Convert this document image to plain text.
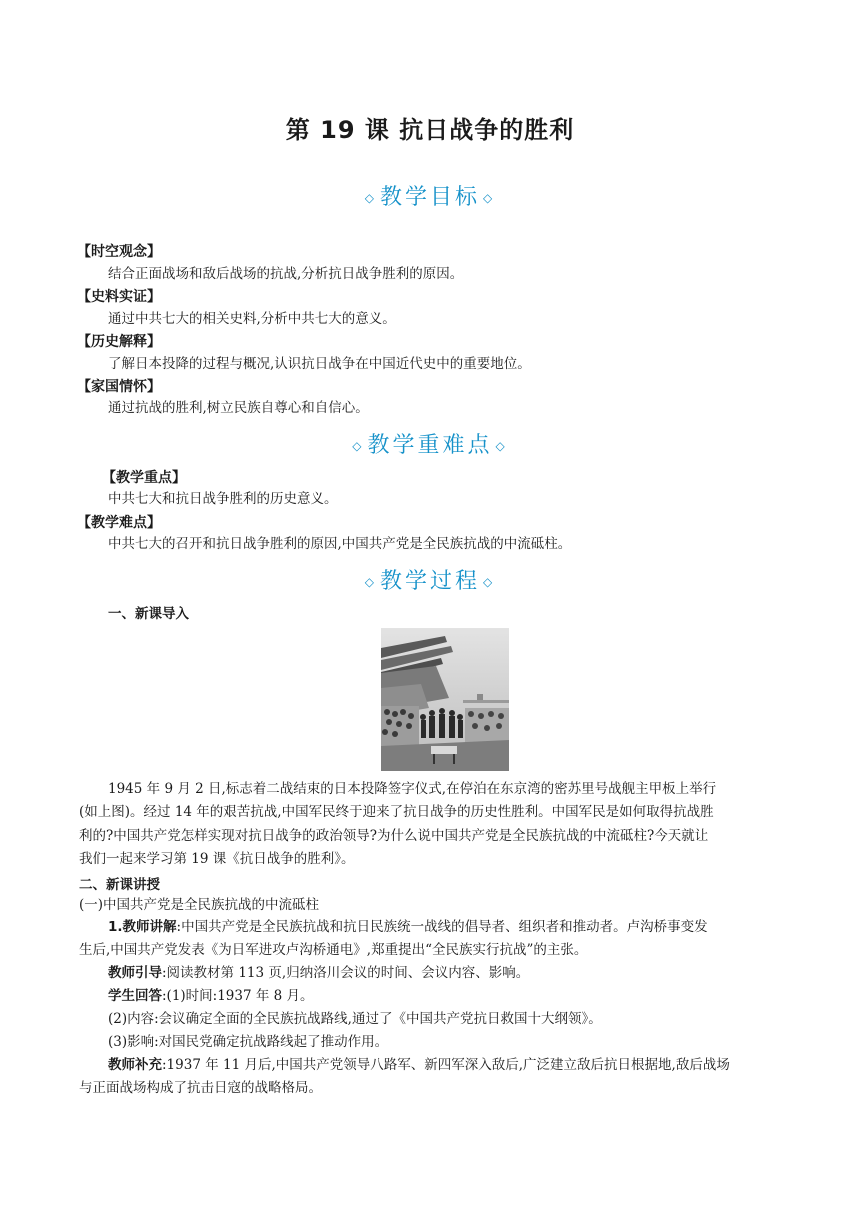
第 19 课 抗日战争的胜利
◇ 教学目标 ◇
【时空观念】
结合正面战场和敌后战场的抗战,分析抗日战争胜利的原因。
【史料实证】
通过中共七大的相关史料,分析中共七大的意义。
【历史解释】
了解日本投降的过程与概况,认识抗日战争在中国近代史中的重要地位。
【家国情怀】
通过抗战的胜利,树立民族自尊心和自信心。
◇ 教学重难点 ◇
【教学重点】
中共七大和抗日战争胜利的历史意义。
【教学难点】
中共七大的召开和抗日战争胜利的原因,中国共产党是全民族抗战的中流砥柱。
◇ 教学过程 ◇
一、新课导入
1945 年 9 月 2 日,标志着二战结束的日本投降签字仪式,在停泊在东京湾的密苏里号战舰主甲板上举行
(如上图)。经过 14 年的艰苦抗战,中国军民终于迎来了抗日战争的历史性胜利。中国军民是如何取得抗战胜
利的?中国共产党怎样实现对抗日战争的政治领导?为什么说中国共产党是全民族抗战的中流砥柱?今天就让
我们一起来学习第 19 课《抗日战争的胜利》。
二、新课讲授
(一)中国共产党是全民族抗战的中流砥柱
1.教师讲解:中国共产党是全民族抗战和抗日民族统一战线的倡导者、组织者和推动者。卢沟桥事变发
生后,中国共产党发表《为日军进攻卢沟桥通电》,郑重提出“全民族实行抗战”的主张。
教师引导:阅读教材第 113 页,归纳洛川会议的时间、会议内容、影响。
学生回答:(1)时间:1937 年 8 月。
(2)内容:会议确定全面的全民族抗战路线,通过了《中国共产党抗日救国十大纲领》。
(3)影响:对国民党确定抗战路线起了推动作用。
教师补充:1937 年 11 月后,中国共产党领导八路军、新四军深入敌后,广泛建立敌后抗日根据地,敌后战场
与正面战场构成了抗击日寇的战略格局。
